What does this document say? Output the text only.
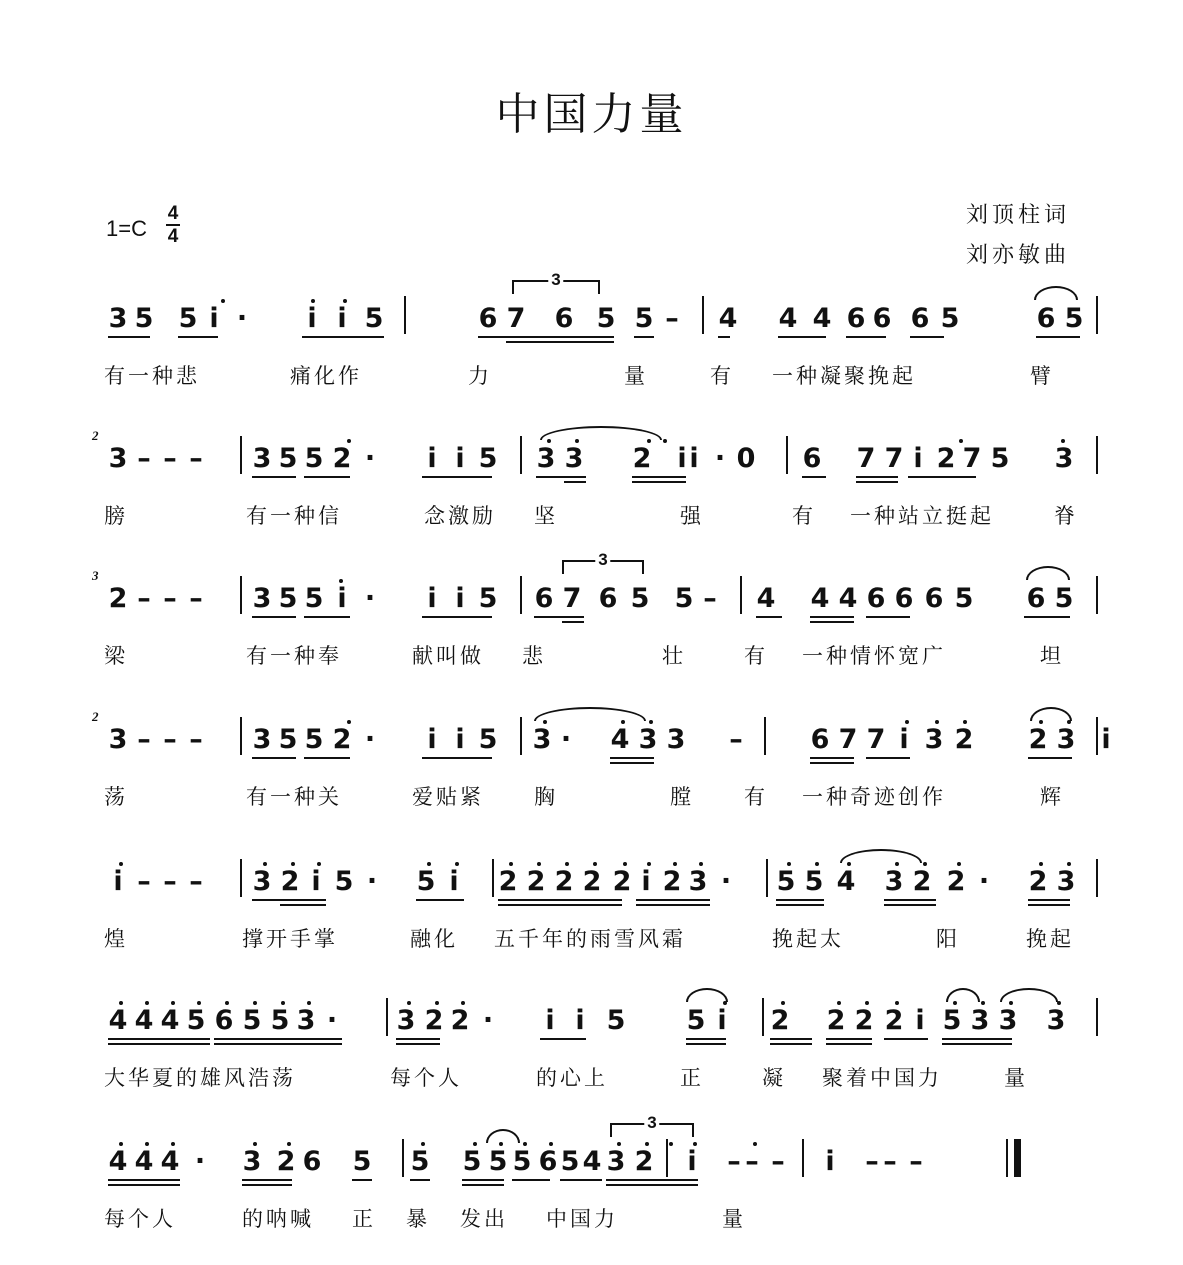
中国力量
刘顶柱词
刘亦敏曲
1=C
4
4
3 5 5 i · i i 5	6 7 6 5 5 – 4 4 4 6 6 6 5	6 5
3
有一种悲	痛化作	力	量	有 一种凝聚挽起	臂
3 – – – 3 5 5 2 · i i 5 3 3 2 i i · 0 6 7 7 i 2 7 5 3
2
膀	有一种信	念激励 坚	强	有 一种站立挺起	脊
2 – – – 3 5 5 i · i i 5 6 7 6 5 5 – 4 4 4 6 6 6 5 6 5
3
3
梁	有一种奉	献叫做 悲	壮	有 一种情怀宽广	坦
3 – – – 3 5 5 2 · i i 5 3 · 4 3 3 –	6 7 7 i 3 2 2 3 i
2
荡	有一种关	爱贴紧 胸	膛 有 一种奇迹创作	辉
i – – – 3 2 i 5 · 5 i 2 2 2 2 2 i 2 3 · 5 5 4 3 2 2 · 2 3
煌	撑开手掌	融化 五千年的雨雪风霜	挽起太	阳	挽起
4 4 4 5 6 5 5 3 · 3 2 2 · i i 5 5 i 2 2 2 2 i 5 3 3 3
大华夏的雄风浩荡	每个人	的心上	正	凝 聚着中国力	量
4 4 4 · 3 2 6 5 5 5 5 5 6 5 4 3 2 i – – – i – – –
3
每个人	的呐喊 正 暴 发出 中国力	量
